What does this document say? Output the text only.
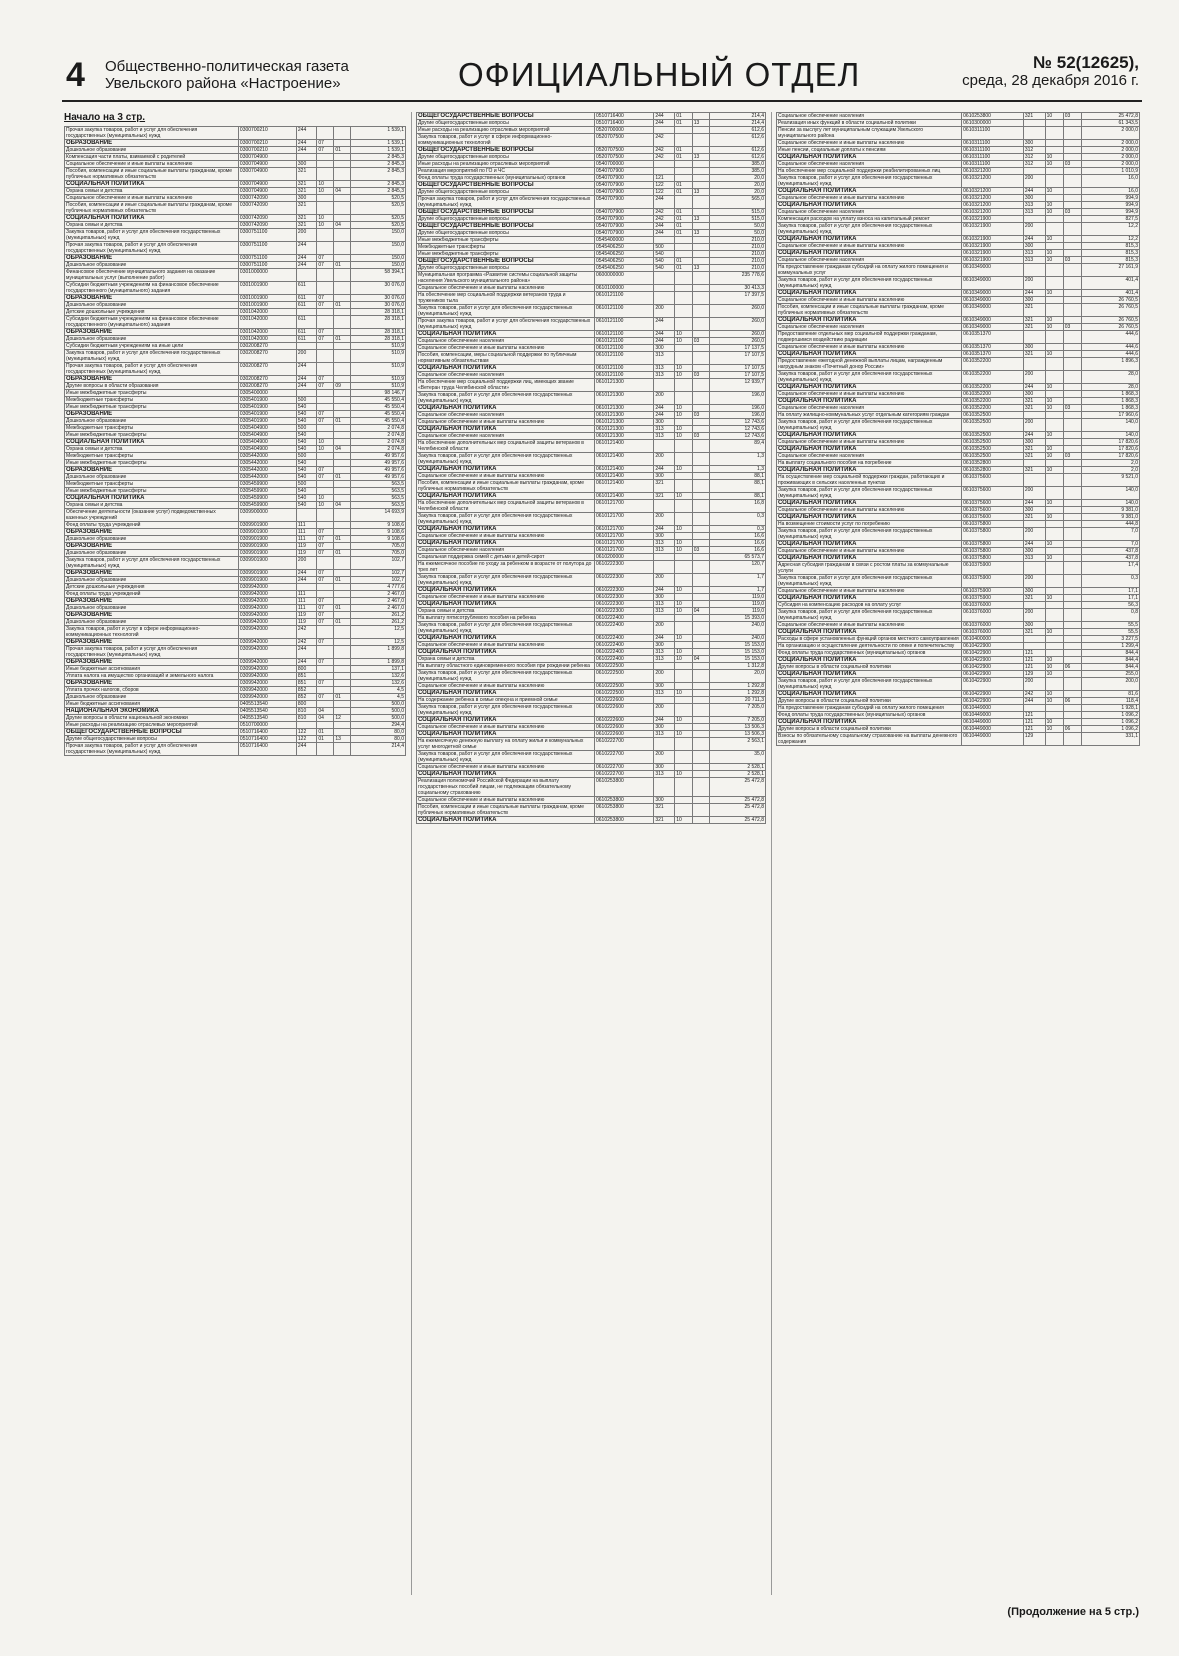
4 Общественно-политическая газета
Увельского района «Настроение»	ОФИЦИАЛЬНЫЙ ОТДЕЛ	№ 52(12625),
среда, 28 декабря 2016 г.
Начало на 3 стр.
Прочая закупка товаров, работ и услуг для обеспечения государственных (муниципальных) нужд	0300700210	244			1 539,1
ОБРАЗОВАНИЕ	0300700210	244	07		1 539,1
Дошкольное образование	0300700210	244	07	01	1 539,1
Компенсация части платы, взимаемой с родителей	0300704900				2 845,3
Социальное обеспечение и иные выплаты населению	0300704900	300			2 845,3
Пособия, компенсации и иные социальные выплаты гражданам, кроме публичных нормативных обязательств	0300704900	321			2 845,3
СОЦИАЛЬНАЯ ПОЛИТИКА	0300704900	321	10		2 845,3
Охрана семьи и детства	0300704900	321	10	04	2 845,3
Социальное обеспечение и иные выплаты населению	0300742090	300			520,5
Пособия, компенсации и иные социальные выплаты гражданам, кроме публичных нормативных обязательств	0300742090	321			520,5
СОЦИАЛЬНАЯ ПОЛИТИКА	0300742090	321	10		520,5
Охрана семьи и детства	0300742090	321	10	04	520,5
Закупка товаров, работ и услуг для обеспечения государственных (муниципальных) нужд	0300751100	200			150,0
Прочая закупка товаров, работ и услуг для обеспечения государственных (муниципальных) нужд	0300751100	244			150,0
ОБРАЗОВАНИЕ	0300751100	244	07		150,0
Дошкольное образование	0300751100	244	07	01	150,0
Финансовое обеспечение муниципального задания на оказание муниципальных услуг (выполнение работ)	0301000000				58 394,1
Субсидии бюджетным учреждениям на финансовое обеспечение государственного (муниципального) задания	0301001900	611			30 076,0
ОБРАЗОВАНИЕ	0301001900	611	07		30 076,0
Дошкольное образование	0301001900	611	07	01	30 076,0
Детские дошкольные учреждения	0301042000				28 318,1
Субсидии бюджетным учреждениям на финансовое обеспечение государственного (муниципального) задания	0301042000	611			28 318,1
ОБРАЗОВАНИЕ	0301042000	611	07		28 318,1
Дошкольное образование	0301042000	611	07	01	28 318,1
Субсидии бюджетным учреждениям на иные цели	0302008270				510,9
Закупка товаров, работ и услуг для обеспечения государственных (муниципальных) нужд	0302008270	200			510,9
Прочая закупка товаров, работ и услуг для обеспечения государственных (муниципальных) нужд	0302008270	244			510,9
ОБРАЗОВАНИЕ	0302008270	244	07		510,9
Другие вопросы в области образования	0302008270	244	07	09	510,9
Иные межбюджетные трансферты	0305400000				98 146,7
Межбюджетные трансферты	0305401900	500			45 550,4
Иные межбюджетные трансферты	0305401900	540			45 550,4
ОБРАЗОВАНИЕ	0305401900	540	07		45 550,4
Дошкольное образование	0305401900	540	07	01	45 550,4
Межбюджетные трансферты	0305404900	500			2 074,8
Иные межбюджетные трансферты	0305404900	540			2 074,8
СОЦИАЛЬНАЯ ПОЛИТИКА	0305404900	540	10		2 074,8
Охрана семьи и детства	0305404900	540	10	04	2 074,8
Межбюджетные трансферты	0305442000	500			49 957,6
Иные межбюджетные трансферты	0305442000	540			49 957,6
ОБРАЗОВАНИЕ	0305442000	540	07		49 957,6
Дошкольное образование	0305442000	540	07	01	49 957,6
Межбюджетные трансферты	0305459900	500			563,5
Иные межбюджетные трансферты	0305459900	540			563,5
СОЦИАЛЬНАЯ ПОЛИТИКА	0305459900	540	10		563,5
Охрана семьи и детства	0305459900	540	10	04	563,5
Обеспечение деятельности (оказание услуг) подведомственных казенных учреждений	0309900000				14 693,9
Фонд оплаты труда учреждений	0309901900	111			9 108,6
ОБРАЗОВАНИЕ	0309901900	111	07		9 108,6
Дошкольное образование	0309901900	111	07	01	9 108,6
ОБРАЗОВАНИЕ	0309901900	119	07		705,0
Дошкольное образование	0309901900	119	07	01	705,0
Закупка товаров, работ и услуг для обеспечения государственных (муниципальных) нужд	0309901900	200			102,7
ОБРАЗОВАНИЕ	0309901900	244	07		102,7
Дошкольное образование	0309901900	244	07	01	102,7
Детские дошкольные учреждения	0309942000				4 777,6
Фонд оплаты труда учреждений	0309942000	111			2 467,0
ОБРАЗОВАНИЕ	0309942000	111	07		2 467,0
Дошкольное образование	0309942000	111	07	01	2 467,0
ОБРАЗОВАНИЕ	0309942000	119	07		261,2
Дошкольное образование	0309942000	119	07	01	261,2
Закупка товаров, работ и услуг в сфере информационно-коммуникационных технологий	0309942000	242			12,5
ОБРАЗОВАНИЕ	0309942000	242	07		12,5
Прочая закупка товаров, работ и услуг для обеспечения государственных (муниципальных) нужд	0309942000	244			1 899,8
ОБРАЗОВАНИЕ	0309942000	244	07		1 899,8
Иные бюджетные ассигнования	0309942000	800			137,1
Уплата налога на имущество организаций и земельного налога	0309942000	851			132,6
ОБРАЗОВАНИЕ	0309942000	851	07		132,6
Уплата прочих налогов, сборов	0309942000	852			4,5
Дошкольное образование	0309942000	852	07	01	4,5
Иные бюджетные ассигнования	0405513540	800			500,0
НАЦИОНАЛЬНАЯ ЭКОНОМИКА	0405513540	810	04		500,0
Другие вопросы в области национальной экономики	0405513540	810	04	12	500,0
Иные расходы на реализацию отраслевых мероприятий	0510700000				294,4
ОБЩЕГОСУДАРСТВЕННЫЕ ВОПРОСЫ	0510716400	122	01		80,0
Другие общегосударственные вопросы	0510716400	122	01	13	80,0
Прочая закупка товаров, работ и услуг для обеспечения государственных (муниципальных) нужд	0510716400	244			214,4
ОБЩЕГОСУДАРСТВЕННЫЕ ВОПРОСЫ	0510716400	244	01		214,4
Другие общегосударственные вопросы	0510716400	244	01	13	214,4
Иные расходы на реализацию отраслевых мероприятий	0520700000				612,6
Закупка товаров, работ и услуг в сфере информационно-коммуникационных технологий	0520707500	242			612,6
ОБЩЕГОСУДАРСТВЕННЫЕ ВОПРОСЫ	0520707500	242	01		612,6
Другие общегосударственные вопросы	0520707500	242	01	13	612,6
Иные расходы на реализацию отраслевых мероприятий	0540700000				385,0
Реализация мероприятий по ГО и ЧС	0540707900				385,0
Фонд оплаты труда государственных (муниципальных) органов	0540707900	121			20,0
ОБЩЕГОСУДАРСТВЕННЫЕ ВОПРОСЫ	0540707900	122	01		20,0
Другие общегосударственные вопросы	0540707900	122	01	13	20,0
Прочая закупка товаров, работ и услуг для обеспечения государственных (муниципальных) нужд	0540707900	244			565,0
ОБЩЕГОСУДАРСТВЕННЫЕ ВОПРОСЫ	0540707900	242	01		515,0
Другие общегосударственные вопросы	0540707900	242	01	13	515,0
ОБЩЕГОСУДАРСТВЕННЫЕ ВОПРОСЫ	0540707900	244	01		50,0
Другие общегосударственные вопросы	0540707900	244	01	13	50,0
Иные межбюджетные трансферты	0545400000				210,0
Межбюджетные трансферты	0545406250	500			210,0
Иные межбюджетные трансферты	0545406250	540			210,0
ОБЩЕГОСУДАРСТВЕННЫЕ ВОПРОСЫ	0545406250	540	01		210,0
Другие общегосударственные вопросы	0545406250	540	01	13	210,0
Муниципальная программа «Развитие системы социальной защиты населения Увельского муниципального района»	0600000000				235 778,6
Социальное обеспечение и иные выплаты населению	0610100000				30 413,3
На обеспечение мер социальной поддержки ветеранов труда и тружеников тыла	0610121100				17 397,5
Закупка товаров, работ и услуг для обеспечения государственных (муниципальных) нужд	0610121100	200			260,0
Прочая закупка товаров, работ и услуг для обеспечения государственных (муниципальных) нужд	0610121100	244			260,0
СОЦИАЛЬНАЯ ПОЛИТИКА	0610121100	244	10		260,0
Социальное обеспечение населения	0610121100	244	10	03	260,0
Социальное обеспечение и иные выплаты населению	0610121100	300			17 137,5
Пособия, компенсации, меры социальной поддержки по публичным нормативным обязательствам	0610121100	313			17 107,5
СОЦИАЛЬНАЯ ПОЛИТИКА	0610121100	313	10		17 107,5
Социальное обеспечение населения	0610121100	313	10	03	17 107,5
На обеспечение мер социальной поддержки лиц, имеющих звание «Ветеран труда Челябинской области»	0610121300				12 939,7
Закупка товаров, работ и услуг для обеспечения государственных (муниципальных) нужд	0610121300	200			196,0
СОЦИАЛЬНАЯ ПОЛИТИКА	0610121300	244	10		196,0
Социальное обеспечение населения	0610121300	244	10	03	196,0
Социальное обеспечение и иные выплаты населению	0610121300	300			12 743,6
СОЦИАЛЬНАЯ ПОЛИТИКА	0610121300	313	10		12 743,6
Социальное обеспечение населения	0610121300	313	10	03	12 743,6
На обеспечение дополнительных мер социальной защиты ветеранов в Челябинской области	0610121400				89,4
Закупка товаров, работ и услуг для обеспечения государственных (муниципальных) нужд	0610121400	200			1,3
СОЦИАЛЬНАЯ ПОЛИТИКА	0610121400	244	10		1,3
Социальное обеспечение и иные выплаты населению	0610121400	300			88,1
Пособия, компенсации и иные социальные выплаты гражданам, кроме публичных нормативных обязательств	0610121400	321			88,1
СОЦИАЛЬНАЯ ПОЛИТИКА	0610121400	321	10		88,1
На обеспечение дополнительных мер социальной защиты ветеранов в Челябинской области	0610121700				16,8
Закупка товаров, работ и услуг для обеспечения государственных (муниципальных) нужд	0610121700	200			0,3
СОЦИАЛЬНАЯ ПОЛИТИКА	0610121700	244	10		0,3
Социальное обеспечение и иные выплаты населению	0610121700	300			16,6
СОЦИАЛЬНАЯ ПОЛИТИКА	0610121700	313	10		16,6
Социальное обеспечение населения	0610121700	313	10	03	16,6
Социальная поддержка семей с детьми и детей-сирот	0610200000				65 573,7
На ежемесячное пособие по уходу за ребенком в возрасте от полутора до трех лет	0610222300				120,7
Закупка товаров, работ и услуг для обеспечения государственных (муниципальных) нужд	0610222300	200			1,7
СОЦИАЛЬНАЯ ПОЛИТИКА	0610222300	244	10		1,7
Социальное обеспечение и иные выплаты населению	0610222300	300			119,0
СОЦИАЛЬНАЯ ПОЛИТИКА	0610222300	313	10		119,0
Охрана семьи и детства	0610222300	313	10	04	119,0
На выплату пятисотрублевого пособия на ребенка	0610222400				15 393,0
Закупка товаров, работ и услуг для обеспечения государственных (муниципальных) нужд	0610222400	200			240,0
СОЦИАЛЬНАЯ ПОЛИТИКА	0610222400	244	10		240,0
Социальное обеспечение и иные выплаты населению	0610222400	300			15 153,0
СОЦИАЛЬНАЯ ПОЛИТИКА	0610222400	313	10		15 153,0
Охрана семьи и детства	0610222400	313	10	04	15 153,0
На выплату областного единовременного пособия при рождении ребенка	0610222500				1 312,8
Закупка товаров, работ и услуг для обеспечения государственных (муниципальных) нужд	0610222500	200			20,0
Социальное обеспечение и иные выплаты населению	0610222500	300			1 292,8
СОЦИАЛЬНАЯ ПОЛИТИКА	0610222500	313	10		1 292,8
На содержание ребенка в семье опекуна и приемной семье	0610222600				20 711,3
Закупка товаров, работ и услуг для обеспечения государственных (муниципальных) нужд	0610222600	200			7 205,0
СОЦИАЛЬНАЯ ПОЛИТИКА	0610222600	244	10		7 205,0
Социальное обеспечение и иные выплаты населению	0610222600	300			13 506,3
СОЦИАЛЬНАЯ ПОЛИТИКА	0610222600	313	10		13 506,3
На ежемесячную денежную выплату на оплату жилья и коммунальных услуг многодетной семье	0610222700				2 563,1
Закупка товаров, работ и услуг для обеспечения государственных (муниципальных) нужд	0610222700	200			35,0
Социальное обеспечение и иные выплаты населению	0610222700	300			2 528,1
СОЦИАЛЬНАЯ ПОЛИТИКА	0610222700	313	10		2 528,1
Реализация полномочий Российской Федерации на выплату государственных пособий лицам, не подлежащим обязательному социальному страхованию	0610253800				25 472,8
Социальное обеспечение и иные выплаты населению	0610253800	300			25 472,8
Пособия, компенсации и иные социальные выплаты гражданам, кроме публичных нормативных обязательств	0610253800	321			25 472,8
СОЦИАЛЬНАЯ ПОЛИТИКА	0610253800	321	10		25 472,8
Социальное обеспечение населения	0610253800	321	10	03	25 472,8
Реализация иных функций в области социальной политики	0610300000				61 343,5
Пенсии за выслугу лет муниципальным служащим Увельского муниципального района	0610311100				2 000,0
Социальное обеспечение и иные выплаты населению	0610311100	300			2 000,0
Иные пенсии, социальные доплаты к пенсиям	0610311100	312			2 000,0
СОЦИАЛЬНАЯ ПОЛИТИКА	0610311100	312	10		2 000,0
Социальное обеспечение населения	0610311100	312	10	03	2 000,0
На обеспечение мер социальной поддержки реабилитированных лиц	0610321200				1 010,9
Закупка товаров, работ и услуг для обеспечения государственных (муниципальных) нужд	0610321200	200			16,0
СОЦИАЛЬНАЯ ПОЛИТИКА	0610321200	244	10		16,0
Социальное обеспечение и иные выплаты населению	0610321200	300			994,9
СОЦИАЛЬНАЯ ПОЛИТИКА	0610321200	313	10		994,9
Социальное обеспечение населения	0610321200	313	10	03	994,9
Компенсация расходов на уплату взноса на капитальный ремонт	0610321900				827,5
Закупка товаров, работ и услуг для обеспечения государственных (муниципальных) нужд	0610321900	200			12,2
СОЦИАЛЬНАЯ ПОЛИТИКА	0610321900	244	10		12,2
Социальное обеспечение и иные выплаты населению	0610321900	300			815,3
СОЦИАЛЬНАЯ ПОЛИТИКА	0610321900	313	10		815,3
Социальное обеспечение населения	0610321900	313	10	03	815,3
На предоставление гражданам субсидий на оплату жилого помещения и коммунальных услуг	0610349000				27 161,9
Закупка товаров, работ и услуг для обеспечения государственных (муниципальных) нужд	0610349000	200			401,4
СОЦИАЛЬНАЯ ПОЛИТИКА	0610349000	244	10		401,4
Социальное обеспечение и иные выплаты населению	0610349000	300			26 760,5
Пособия, компенсации и иные социальные выплаты гражданам, кроме публичных нормативных обязательств	0610349000	321			26 760,5
СОЦИАЛЬНАЯ ПОЛИТИКА	0610349000	321	10		26 760,5
Социальное обеспечение населения	0610349000	321	10	03	26 760,5
Предоставление отдельных мер социальной поддержки гражданам, подвергшимся воздействию радиации	0610351370				444,6
Социальное обеспечение и иные выплаты населению	0610351370	300			444,6
СОЦИАЛЬНАЯ ПОЛИТИКА	0610351370	321	10		444,6
Предоставление ежегодной денежной выплаты лицам, награжденным нагрудным знаком «Почетный донор России»	0610352200				1 896,3
Закупка товаров, работ и услуг для обеспечения государственных (муниципальных) нужд	0610352200	200			28,0
СОЦИАЛЬНАЯ ПОЛИТИКА	0610352200	244	10		28,0
Социальное обеспечение и иные выплаты населению	0610352200	300			1 868,3
СОЦИАЛЬНАЯ ПОЛИТИКА	0610352200	321	10		1 868,3
Социальное обеспечение населения	0610352200	321	10	03	1 868,3
На оплату жилищно-коммунальных услуг отдельным категориям граждан	0610352500				17 960,6
Закупка товаров, работ и услуг для обеспечения государственных (муниципальных) нужд	0610352500	200			140,0
СОЦИАЛЬНАЯ ПОЛИТИКА	0610352500	244	10		140,0
Социальное обеспечение и иные выплаты населению	0610352500	300			17 820,6
СОЦИАЛЬНАЯ ПОЛИТИКА	0610352500	321	10		17 820,6
Социальное обеспечение населения	0610352500	321	10	03	17 820,6
На выплату социального пособия на погребение	0610352800				2,0
СОЦИАЛЬНАЯ ПОЛИТИКА	0610352800	321	10		2,0
На осуществление мер социальной поддержки граждан, работающих и проживающих в сельских населенных пунктах	0610375600				9 521,0
Закупка товаров, работ и услуг для обеспечения государственных (муниципальных) нужд	0610375600	200			140,0
СОЦИАЛЬНАЯ ПОЛИТИКА	0610375600	244	10		140,0
Социальное обеспечение и иные выплаты населению	0610375600	300			9 381,0
СОЦИАЛЬНАЯ ПОЛИТИКА	0610375600	321	10		9 381,0
На возмещение стоимости услуг по погребению	0610375800				444,8
Закупка товаров, работ и услуг для обеспечения государственных (муниципальных) нужд	0610375800	200			7,0
СОЦИАЛЬНАЯ ПОЛИТИКА	0610375800	244	10		7,0
Социальное обеспечение и иные выплаты населению	0610375800	300			437,8
СОЦИАЛЬНАЯ ПОЛИТИКА	0610375800	313	10		437,8
Адресная субсидия гражданам в связи с ростом платы за коммунальные услуги	0610375900				17,4
Закупка товаров, работ и услуг для обеспечения государственных (муниципальных) нужд	0610375900	200			0,3
Социальное обеспечение и иные выплаты населению	0610375900	300			17,1
СОЦИАЛЬНАЯ ПОЛИТИКА	0610375900	321	10		17,1
Субсидия на компенсацию расходов на оплату услуг	0610376000				56,3
Закупка товаров, работ и услуг для обеспечения государственных (муниципальных) нужд	0610376000	200			0,8
Социальное обеспечение и иные выплаты населению	0610376000	300			55,5
СОЦИАЛЬНАЯ ПОЛИТИКА	0610376000	321	10		55,5
Расходы в сфере установленных функций органов местного самоуправления	0610400000				3 227,5
На организацию и осуществление деятельности по опеке и попечительству	0610422900				1 299,4
Фонд оплаты труда государственных (муниципальных) органов	0610422900	121			844,4
СОЦИАЛЬНАЯ ПОЛИТИКА	0610422900	121	10		844,4
Другие вопросы в области социальной политики	0610422900	121	10	06	844,4
СОЦИАЛЬНАЯ ПОЛИТИКА	0610422900	129	10		255,0
Закупка товаров, работ и услуг для обеспечения государственных (муниципальных) нужд	0610422900	200			200,0
СОЦИАЛЬНАЯ ПОЛИТИКА	0610422900	242	10		81,6
Другие вопросы в области социальной политики	0610422900	244	10	06	118,4
На предоставление гражданам субсидий на оплату жилого помещения	0610449000				1 928,1
Фонд оплаты труда государственных (муниципальных) органов	0610449000	121			1 096,2
СОЦИАЛЬНАЯ ПОЛИТИКА	0610449000	121	10		1 096,2
Другие вопросы в области социальной политики	0610449000	121	10	06	1 096,2
Взносы по обязательному социальному страхованию на выплаты денежного содержания	0610449000	129			331,1
(Продолжение на 5 стр.)
